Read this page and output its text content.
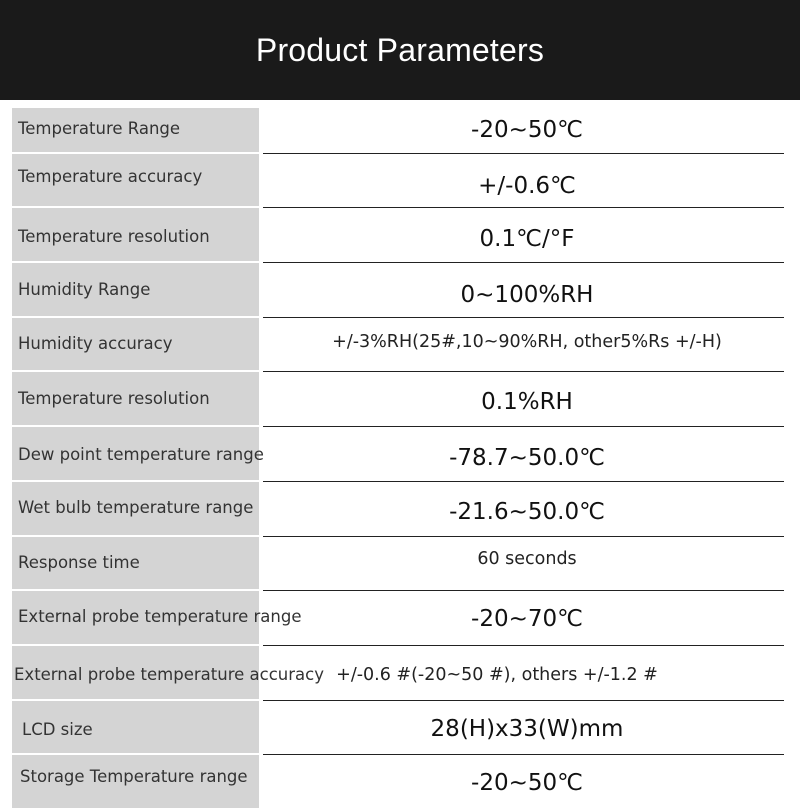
Product Parameters
Temperature Range	-20~50℃
Temperature accuracy	+/-0.6℃
Temperature resolution	0.1℃/°F
Humidity Range	0~100%RH
Humidity accuracy	+/-3%RH(25#,10~90%RH, other5%Rs +/-H)
Temperature resolution	0.1%RH
Dew point temperature range	-78.7~50.0℃
Wet bulb temperature range	-21.6~50.0℃
Response time	60 seconds
External probe temperature range	-20~70℃
External probe temperature accuracy +/-0.6 #(-20~50 #), others +/-1.2 #
LCD size	28(H)x33(W)mm
Storage Temperature range	-20~50℃
